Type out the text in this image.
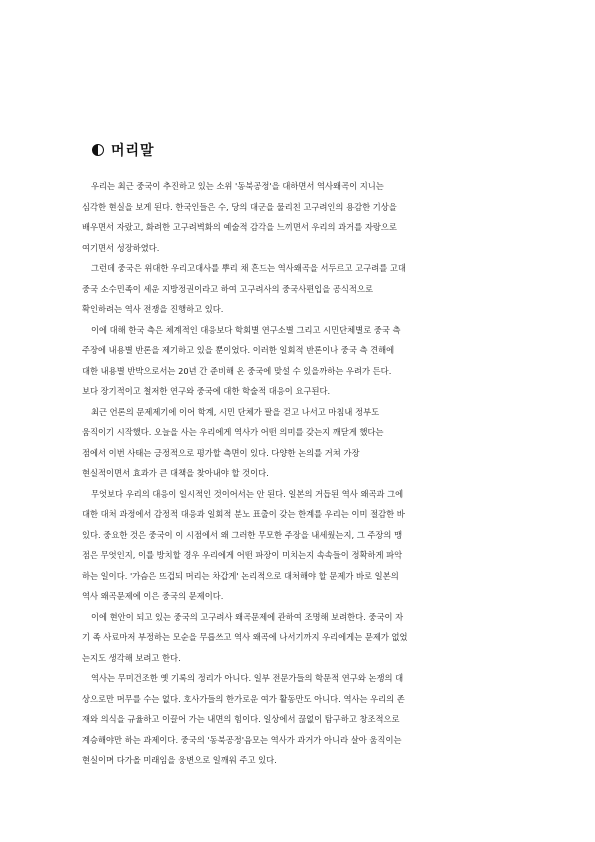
머리말
우리는 최근 중국이 추진하고 있는 소위 '동북공정'을 대하면서 역사왜곡이 지니는
심각한 현실을 보게 된다. 한국인들은 수, 당의 대군을 물리친 고구려인의 용감한 기상을
배우면서 자랐고, 화려한 고구려벽화의 예술적 감각을 느끼면서 우리의 과거를 자랑으로
여기면서 성장하였다.
그런데 중국은 위대한 우리고대사를 뿌리 채 흔드는 역사왜곡을 서두르고 고구려를 고대
중국 소수민족이 세운 지방정권이라고 하여 고구려사의 중국사편입을 공식적으로
확인하려는 역사 전쟁을 진행하고 있다.
이에 대해 한국 측은 체계적인 대응보다 학회별 연구소별 그리고 시민단체별로 중국 측
주장에 내용별 반론을 제기하고 있을 뿐이었다. 이러한 일회적 반론이나 중국 측 견해에
대한 내용별 반박으로서는 20년 간 준비해 온 중국에 맞설 수 있을까하는 우려가 든다.
보다 장기적이고 철저한 연구와 중국에 대한 학술적 대응이 요구된다.
최근 언론의 문제제기에 이어 학계, 시민 단체가 팔을 걷고 나서고 마침내 정부도
움직이기 시작했다. 오늘을 사는 우리에게 역사가 어떤 의미를 갖는지 깨닫게 했다는
점에서 이번 사태는 긍정적으로 평가할 측면이 있다. 다양한 논의를 거쳐 가장
현실적이면서 효과가 큰 대책을 찾아내야 할 것이다.
무엇보다 우리의 대응이 일시적인 것이어서는 안 된다. 일본의 거듭된 역사 왜곡과 그에
대한 대처 과정에서 감정적 대응과 일회적 분노 표출이 갖는 한계를 우리는 이미 절감한 바
있다. 중요한 것은 중국이 이 시점에서 왜 그러한 무모한 주장을 내세웠는지, 그 주장의 맹
점은 무엇인지, 이를 방치할 경우 우리에게 어떤 파장이 미치는지 속속들이 정확하게 파악
하는 일이다. '가슴은 뜨겁되 머리는 차갑게' 논리적으로 대처해야 할 문제가 바로 일본의
역사 왜곡문제에 이은 중국의 문제이다.
이에 현안이 되고 있는 중국의 고구려사 왜곡문제에 관하여 조명해 보려한다. 중국이 자
기 족 사료마저 부정하는 모순을 무릅쓰고 역사 왜곡에 나서기까지 우리에게는 문제가 없었
는지도 생각해 보려고 한다.
역사는 무미건조한 옛 기록의 정리가 아니다. 일부 전문가들의 학문적 연구와 논쟁의 대
상으로만 머무를 수는 없다. 호사가들의 한가로운 여가 활동만도 아니다. 역사는 우리의 존
재와 의식을 규율하고 이끌어 가는 내면의 힘이다. 일상에서 끊없이 탐구하고 창조적으로
계승해야만 하는 과제이다. 중국의 '동북공정'음모는 역사가 과거가 아니라 살아 움직이는
현실이며 다가올 미래임을 웅변으로 일깨워 주고 있다.
